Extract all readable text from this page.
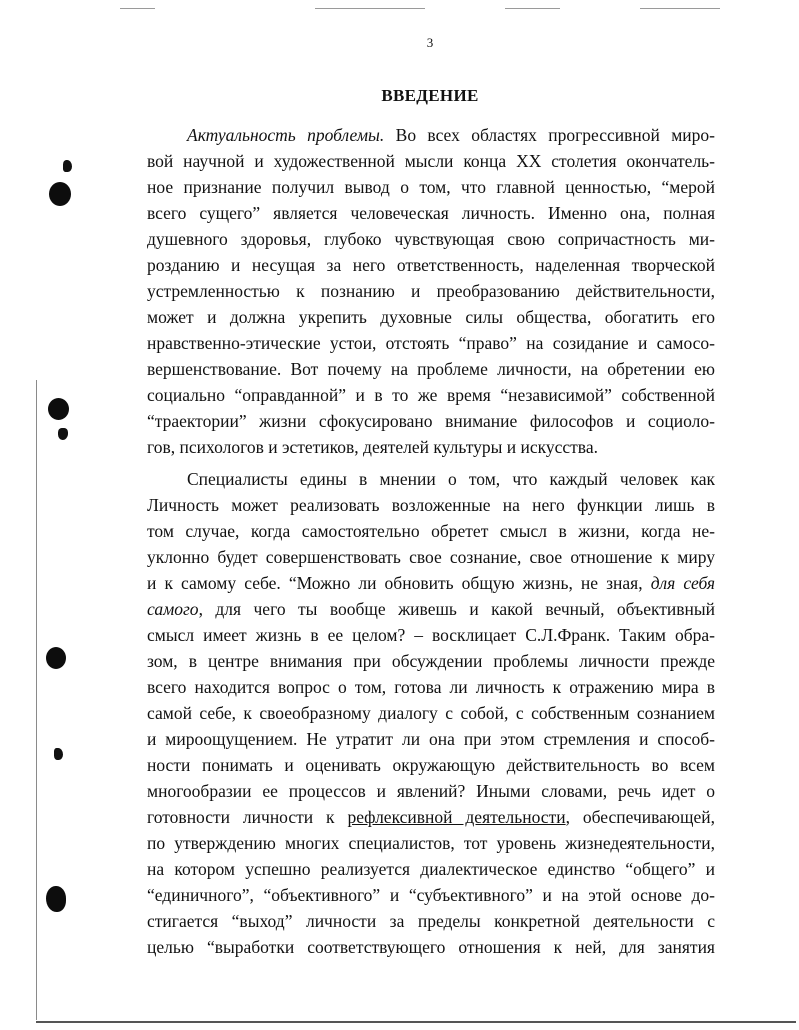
3
ВВЕДЕНИЕ
Актуальность проблемы. Во всех областях прогрессивной миро-
вой научной и художественной мысли конца XX столетия окончатель-
ное признание получил вывод о том, что главной ценностью, “мерой
всего сущего” является человеческая личность. Именно она, полная
душевного здоровья, глубоко чувствующая свою сопричастность ми-
розданию и несущая за него ответственность, наделенная творческой
устремленностью к познанию и преобразованию действительности,
может и должна укрепить духовные силы общества, обогатить его
нравственно-этические устои, отстоять “право” на созидание и самосо-
вершенствование. Вот почему на проблеме личности, на обретении ею
социально “оправданной” и в то же время “независимой” собственной
“траектории” жизни сфокусировано внимание философов и социоло-
гов, психологов и эстетиков, деятелей культуры и искусства.
Специалисты едины в мнении о том, что каждый человек как
Личность может реализовать возложенные на него функции лишь в
том случае, когда самостоятельно обретет смысл в жизни, когда не-
уклонно будет совершенствовать свое сознание, свое отношение к миру
и к самому себе. “Можно ли обновить общую жизнь, не зная, для себя
самого, для чего ты вообще живешь и какой вечный, объективный
смысл имеет жизнь в ее целом? – восклицает С.Л.Франк. Таким обра-
зом, в центре внимания при обсуждении проблемы личности прежде
всего находится вопрос о том, готова ли личность к отражению мира в
самой себе, к своеобразному диалогу с собой, с собственным сознанием
и мироощущением. Не утратит ли она при этом стремления и способ-
ности понимать и оценивать окружающую действительность во всем
многообразии ее процессов и явлений? Иными словами, речь идет о
готовности личности к рефлексивной деятельности, обеспечивающей,
по утверждению многих специалистов, тот уровень жизнедеятельности,
на котором успешно реализуется диалектическое единство “общего” и
“единичного”, “объективного” и “субъективного” и на этой основе до-
стигается “выход” личности за пределы конкретной деятельности с
целью “выработки соответствующего отношения к ней, для занятия
